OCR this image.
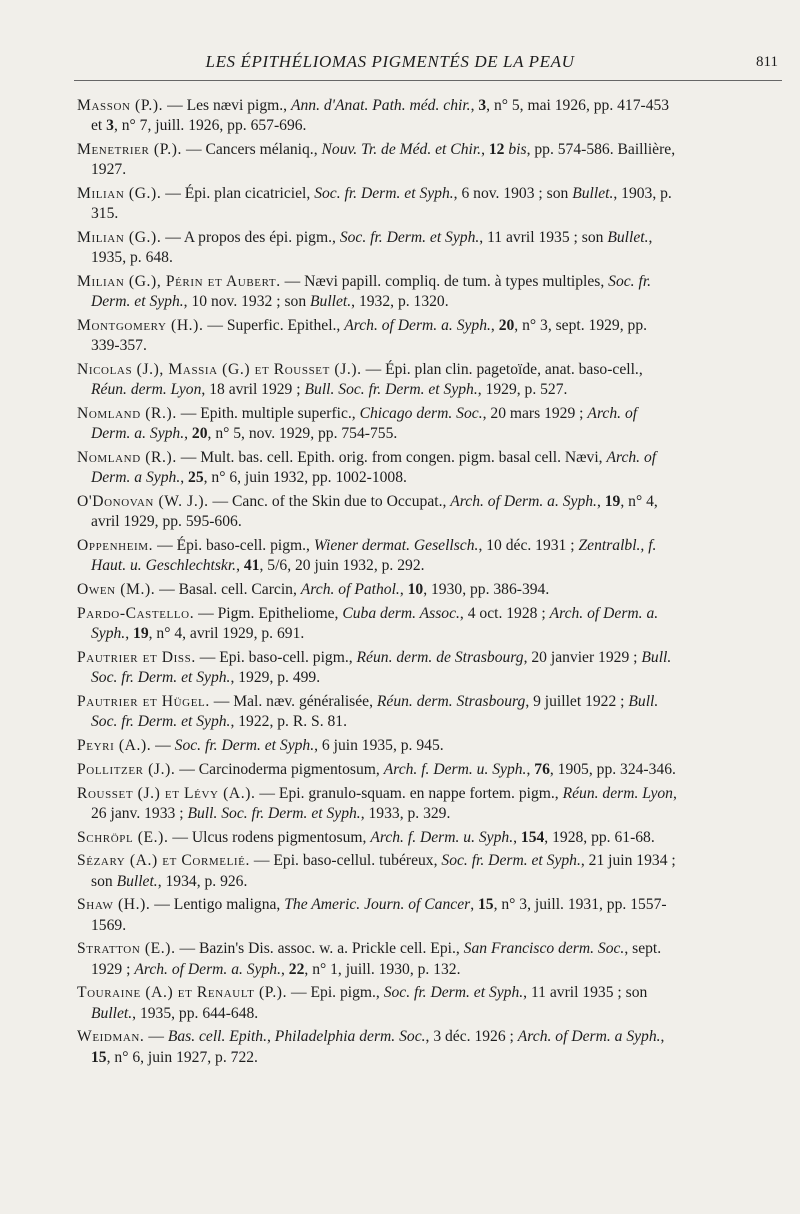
LES ÉPITHÉLIOMAS PIGMENTÉS DE LA PEAU	811

Masson (P.). — Les nævi pigm., Ann. d'Anat. Path. méd. chir., 3, n° 5, mai 1926, pp. 417-453 et 3, n° 7, juill. 1926, pp. 657-696.

Menetrier (P.). — Cancers mélaniq., Nouv. Tr. de Méd. et Chir., 12 bis, pp. 574-586. Baillière, 1927.

Milian (G.). — Épi. plan cicatriciel, Soc. fr. Derm. et Syph., 6 nov. 1903 ; son Bullet., 1903, p. 315.

Milian (G.). — A propos des épi. pigm., Soc. fr. Derm. et Syph., 11 avril 1935 ; son Bullet., 1935, p. 648.

Milian (G.), Périn et Aubert. — Nævi papill. compliq. de tum. à types multiples, Soc. fr. Derm. et Syph., 10 nov. 1932 ; son Bullet., 1932, p. 1320.

Montgomery (H.). — Superfic. Epithel., Arch. of Derm. a. Syph., 20, n° 3, sept. 1929, pp. 339-357.

Nicolas (J.), Massia (G.) et Rousset (J.). — Épi. plan clin. pagetoïde, anat. baso-cell., Réun. derm. Lyon, 18 avril 1929 ; Bull. Soc. fr. Derm. et Syph., 1929, p. 527.

Nomland (R.). — Epith. multiple superfic., Chicago derm. Soc., 20 mars 1929 ; Arch. of Derm. a. Syph., 20, n° 5, nov. 1929, pp. 754-755.

Nomland (R.). — Mult. bas. cell. Epith. orig. from congen. pigm. basal cell. Nævi, Arch. of Derm. a Syph., 25, n° 6, juin 1932, pp. 1002-1008.

O'Donovan (W. J.). — Canc. of the Skin due to Occupat., Arch. of Derm. a. Syph., 19, n° 4, avril 1929, pp. 595-606.

Oppenheim. — Épi. baso-cell. pigm., Wiener dermat. Gesellsch., 10 déc. 1931 ; Zentralbl., f. Haut. u. Geschlechtskr., 41, 5/6, 20 juin 1932, p. 292.

Owen (M.). — Basal. cell. Carcin, Arch. of Pathol., 10, 1930, pp. 386-394.

Pardo-Castello. — Pigm. Epitheliome, Cuba derm. Assoc., 4 oct. 1928 ; Arch. of Derm. a. Syph., 19, n° 4, avril 1929, p. 691.

Pautrier et Diss. — Epi. baso-cell. pigm., Réun. derm. de Strasbourg, 20 janvier 1929 ; Bull. Soc. fr. Derm. et Syph., 1929, p. 499.

Pautrier et Hügel. — Mal. næv. généralisée, Réun. derm. Strasbourg, 9 juillet 1922 ; Bull. Soc. fr. Derm. et Syph., 1922, p. R. S. 81.

Peyri (A.). — Soc. fr. Derm. et Syph., 6 juin 1935, p. 945.

Pollitzer (J.). — Carcinoderma pigmentosum, Arch. f. Derm. u. Syph., 76, 1905, pp. 324-346.

Rousset (J.) et Lévy (A.). — Epi. granulo-squam. en nappe fortem. pigm., Réun. derm. Lyon, 26 janv. 1933 ; Bull. Soc. fr. Derm. et Syph., 1933, p. 329.

Schröpl (E.). — Ulcus rodens pigmentosum, Arch. f. Derm. u. Syph., 154, 1928, pp. 61-68.

Sézary (A.) et Cormelié. — Epi. baso-cellul. tubéreux, Soc. fr. Derm. et Syph., 21 juin 1934 ; son Bullet., 1934, p. 926.

Shaw (H.). — Lentigo maligna, The Americ. Journ. of Cancer, 15, n° 3, juill. 1931, pp. 1557-1569.

Stratton (E.). — Bazin's Dis. assoc. w. a. Prickle cell. Epi., San Francisco derm. Soc., sept. 1929 ; Arch. of Derm. a. Syph., 22, n° 1, juill. 1930, p. 132.

Touraine (A.) et Renault (P.). — Epi. pigm., Soc. fr. Derm. et Syph., 11 avril 1935 ; son Bullet., 1935, pp. 644-648.

Weidman. — Bas. cell. Epith., Philadelphia derm. Soc., 3 déc. 1926 ; Arch. of Derm. a Syph., 15, n° 6, juin 1927, p. 722.
